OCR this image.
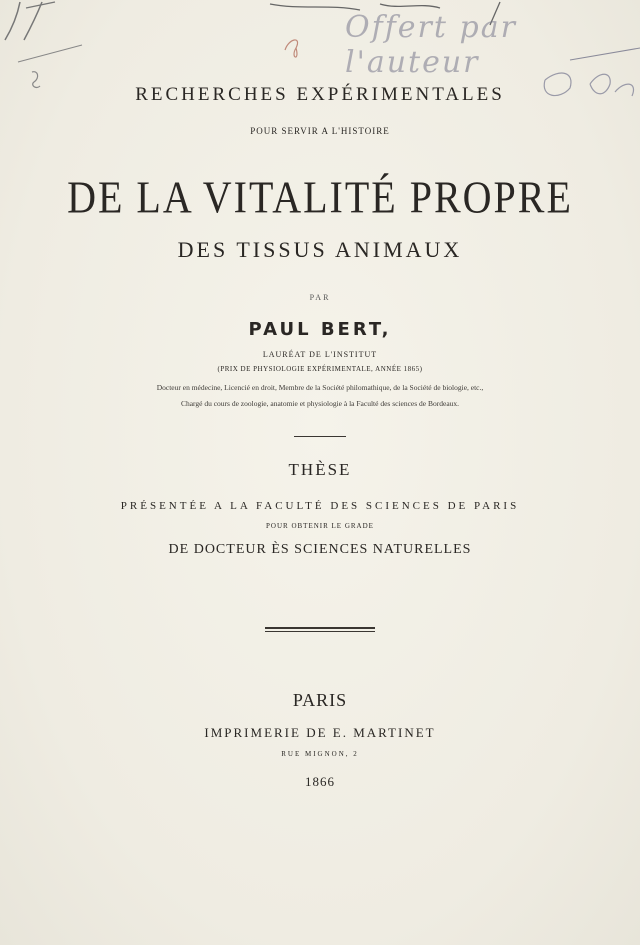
Offert par l'auteur
RECHERCHES EXPÉRIMENTALES
POUR SERVIR A L'HISTOIRE
DE LA VITALITÉ PROPRE
DES TISSUS ANIMAUX
PAR
PAUL BERT,
LAURÉAT DE L'INSTITUT
(PRIX DE PHYSIOLOGIE EXPÉRIMENTALE, ANNÉE 1865)
Docteur en médecine, Licencié en droit, Membre de la Société philomathique, de la Société de biologie, etc.,
Chargé du cours de zoologie, anatomie et physiologie à la Faculté des sciences de Bordeaux.
THÈSE
PRÉSENTÉE A LA FACULTÉ DES SCIENCES DE PARIS
POUR OBTENIR LE GRADE
DE DOCTEUR ÈS SCIENCES NATURELLES
PARIS
IMPRIMERIE DE E. MARTINET
RUE MIGNON, 2
1866
